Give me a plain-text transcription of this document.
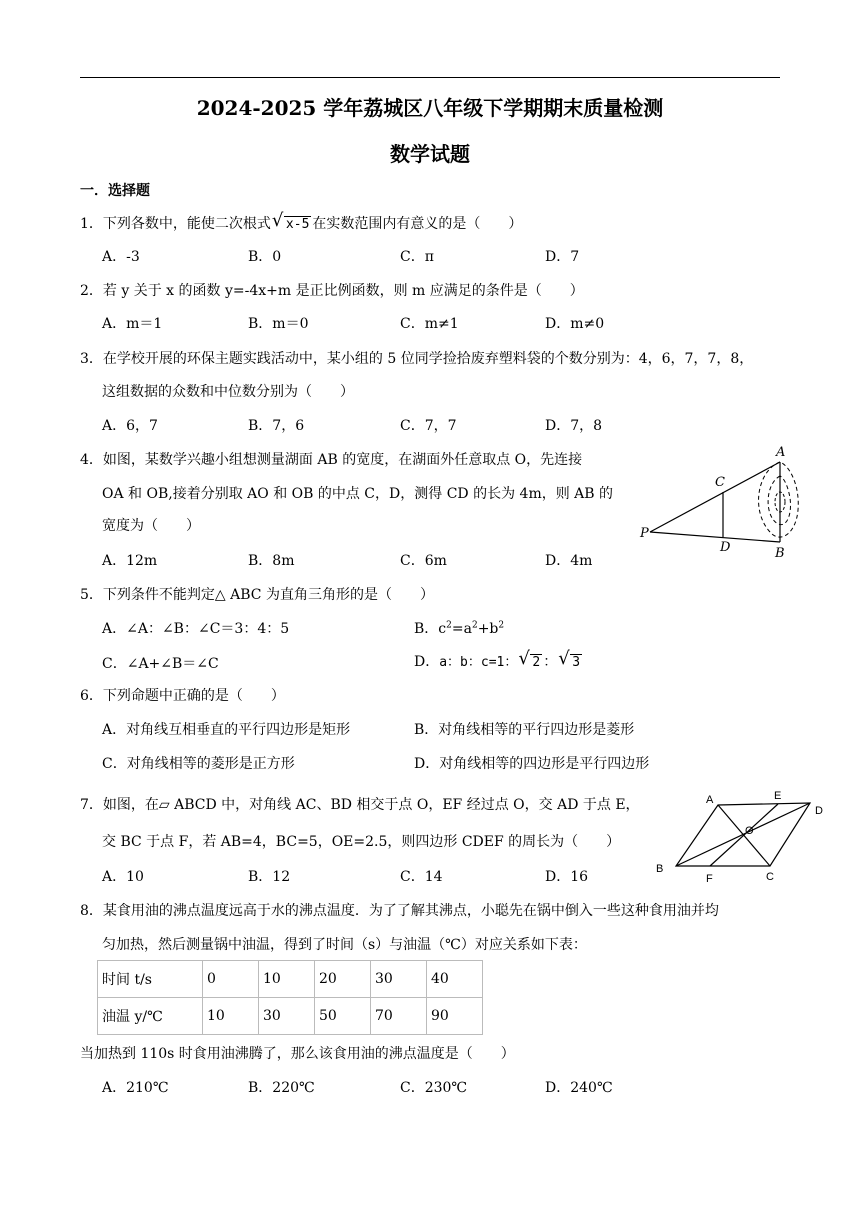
2024-2025 学年荔城区八年级下学期期末质量检测
数学试题
一．选择题
1．下列各数中，能使二次根式 √ x-5 在实数范围内有意义的是（　　）
A．-3	B．0	C．π	D．7
2．若 y 关于 x 的函数 y=-4x+m 是正比例函数，则 m 应满足的条件是（　　）
A．m＝1	B．m＝0	C．m≠1	D．m≠0
3．在学校开展的环保主题实践活动中，某小组的 5 位同学捡拾废弃塑料袋的个数分别为：4，6，7，7，8，
这组数据的众数和中位数分别为（　　）
A．6，7	B．7，6	C．7，7	D．7，8
4．如图，某数学兴趣小组想测量湖面 AB 的宽度，在湖面外任意取点 O，先连接
OA 和 OB,接着分别取 AO 和 OB 的中点 C，D，测得 CD 的长为 4m，则 AB 的
宽度为（　　）
A．12m	B．8m	C．6m	D．4m
A
B
C
D
P
5．下列条件不能判定△ ABC 为直角三角形的是（　　）
A．∠A：∠B：∠C＝3：4：5	B．$c^2=a^2+b^2$
C．∠A+∠B＝∠C	D．a：b：c=1： √ 2 ： √ 3
6．下列命题中正确的是（　　）
A．对角线互相垂直的平行四边形是矩形	B．对角线相等的平行四边形是菱形
C．对角线相等的菱形是正方形	D．对角线相等的四边形是平行四边形
7．如图，在▱ ABCD 中，对角线 AC、BD 相交于点 O，EF 经过点 O，交 AD 于点 E，
交 BC 于点 F，若 AB=4，BC=5，OE=2.5，则四边形 CDEF 的周长为（　　）
A．10	B．12	C．14	D．16
A
B
C
D
E
F
O
8．某食用油的沸点温度远高于水的沸点温度．为了了解其沸点，小聪先在锅中倒入一些这种食用油并均
匀加热，然后测量锅中油温，得到了时间（s）与油温（℃）对应关系如下表：
时间 t/s	0	10	20	30	40
油温 y/℃	10	30	50	70	90
当加热到 110s 时食用油沸腾了，那么该食用油的沸点温度是（　　）
A．210℃	B．220℃	C．230℃	D．240℃
